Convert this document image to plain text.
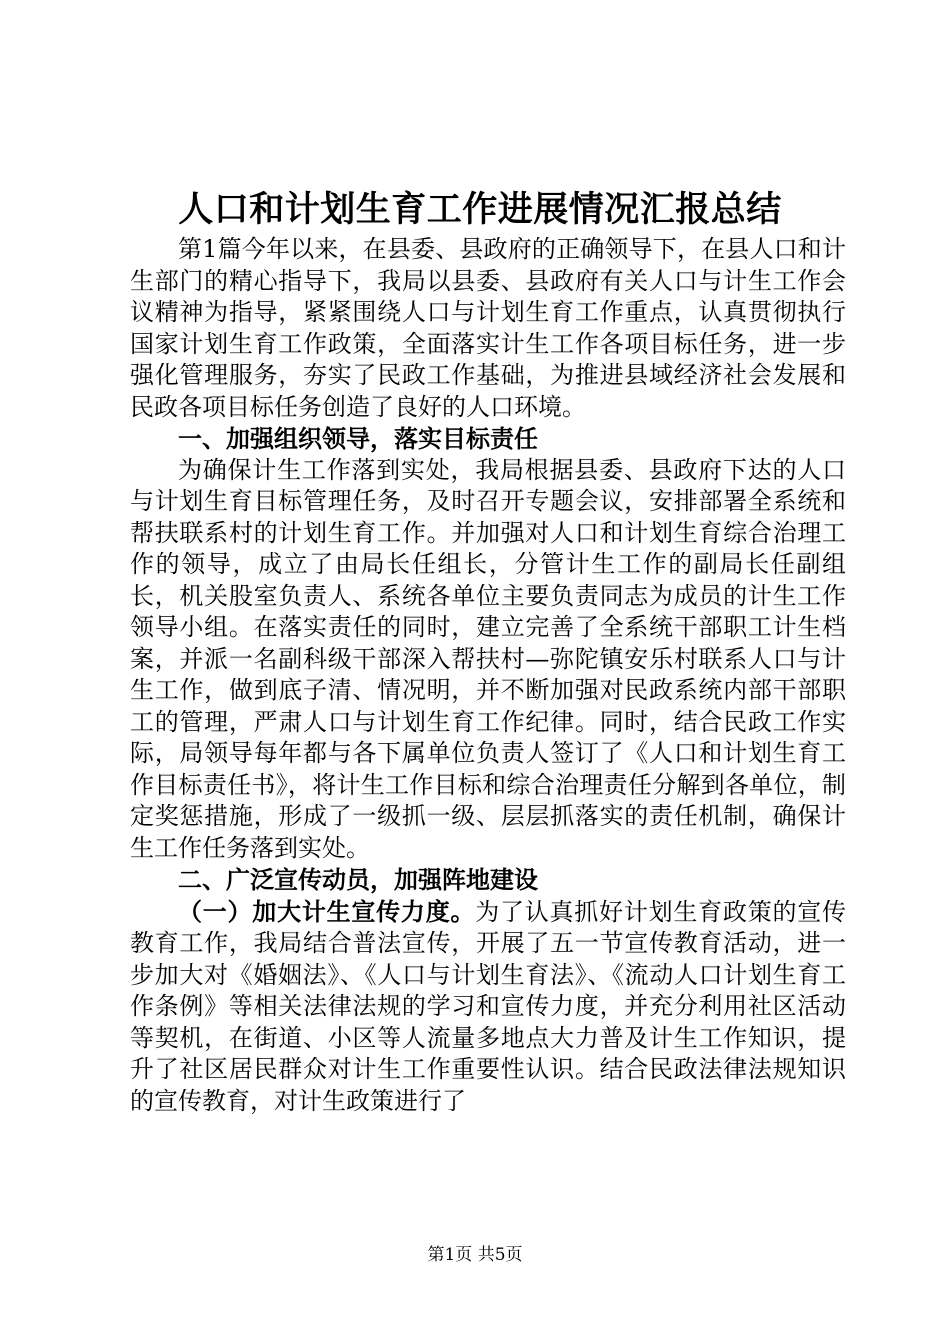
人口和计划生育工作进展情况汇报总结

第1篇今年以来，在县委、县政府的正确领导下，在县人口和计生部门的精心指导下，我局以县委、县政府有关人口与计生工作会议精神为指导，紧紧围绕人口与计划生育工作重点，认真贯彻执行国家计划生育工作政策，全面落实计生工作各项目标任务，进一步强化管理服务，夯实了民政工作基础，为推进县域经济社会发展和民政各项目标任务创造了良好的人口环境。

一、加强组织领导，落实目标责任

为确保计生工作落到实处，我局根据县委、县政府下达的人口与计划生育目标管理任务，及时召开专题会议，安排部署全系统和帮扶联系村的计划生育工作。并加强对人口和计划生育综合治理工作的领导，成立了由局长任组长，分管计生工作的副局长任副组长，机关股室负责人、系统各单位主要负责同志为成员的计生工作领导小组。在落实责任的同时，建立完善了全系统干部职工计生档案，并派一名副科级干部深入帮扶村—弥陀镇安乐村联系人口与计生工作，做到底子清、情况明，并不断加强对民政系统内部干部职工的管理，严肃人口与计划生育工作纪律。同时，结合民政工作实际，局领导每年都与各下属单位负责人签订了《人口和计划生育工作目标责任书》，将计生工作目标和综合治理责任分解到各单位，制定奖惩措施，形成了一级抓一级、层层抓落实的责任机制，确保计生工作任务落到实处。

二、广泛宣传动员，加强阵地建设

（一）加大计生宣传力度。为了认真抓好计划生育政策的宣传教育工作，我局结合普法宣传，开展了五一节宣传教育活动，进一步加大对《婚姻法》、《人口与计划生育法》、《流动人口计划生育工作条例》等相关法律法规的学习和宣传力度，并充分利用社区活动等契机，在街道、小区等人流量多地点大力普及计生工作知识，提升了社区居民群众对计生工作重要性认识。结合民政法律法规知识的宣传教育，对计生政策进行了

第1页 共5页
